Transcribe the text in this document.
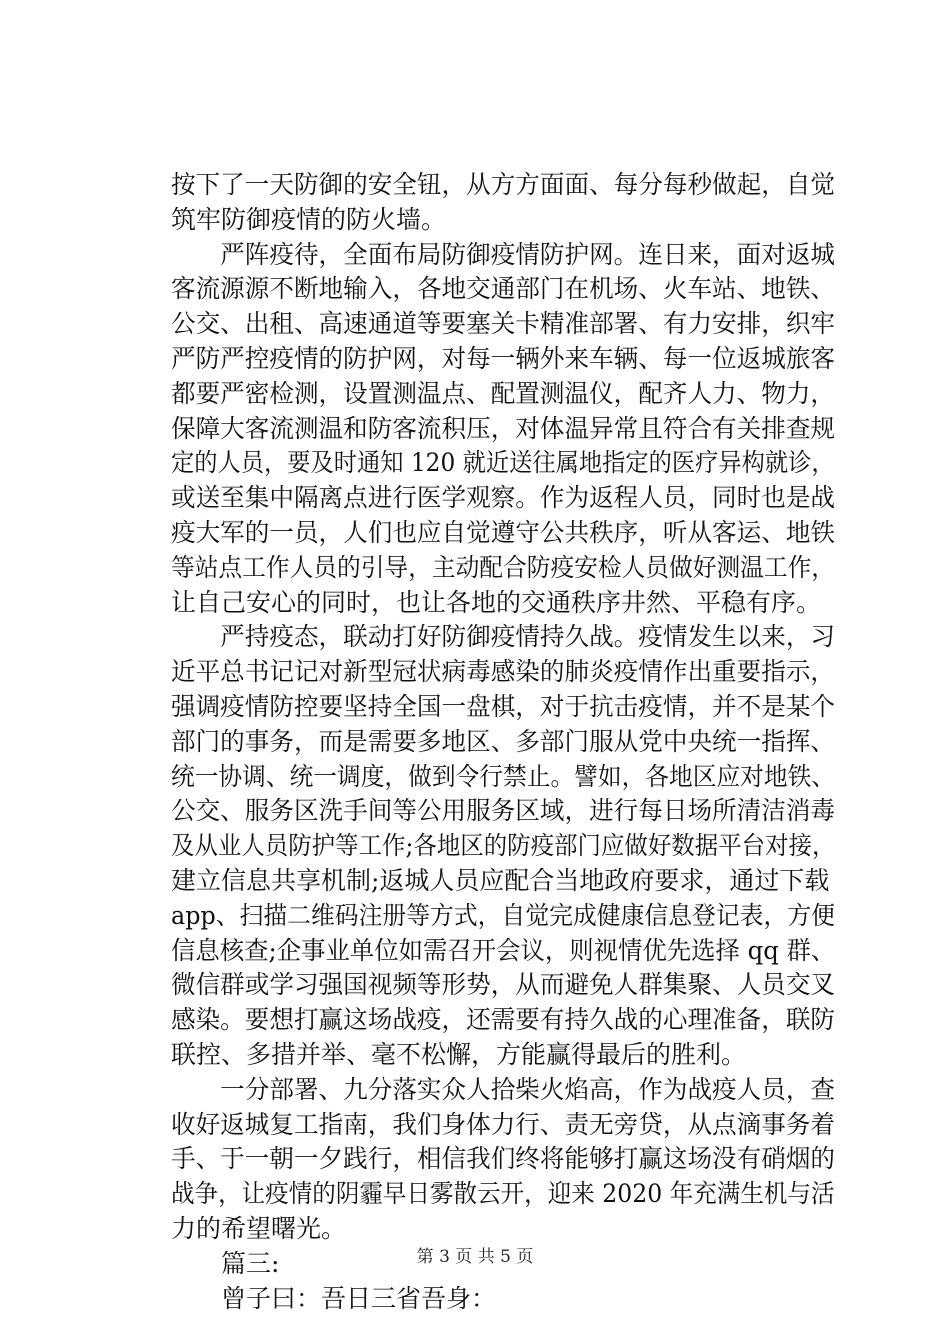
按下了一天防御的安全钮，从方方面面、每分每秒做起，自觉
筑牢防御疫情的防火墙。
严阵疫待，全面布局防御疫情防护网。连日来，面对返城
客流源源不断地输入，各地交通部门在机场、火车站、地铁、
公交、出租、高速通道等要塞关卡精准部署、有力安排，织牢
严防严控疫情的防护网，对每一辆外来车辆、每一位返城旅客
都要严密检测，设置测温点、配置测温仪，配齐人力、物力，
保障大客流测温和防客流积压，对体温异常且符合有关排查规
定的人员，要及时通知 120 就近送往属地指定的医疗异构就诊，
或送至集中隔离点进行医学观察。作为返程人员，同时也是战
疫大军的一员，人们也应自觉遵守公共秩序，听从客运、地铁
等站点工作人员的引导，主动配合防疫安检人员做好测温工作，
让自己安心的同时，也让各地的交通秩序井然、平稳有序。
严持疫态，联动打好防御疫情持久战。疫情发生以来，习
近平总书记记对新型冠状病毒感染的肺炎疫情作出重要指示，
强调疫情防控要坚持全国一盘棋，对于抗击疫情，并不是某个
部门的事务，而是需要多地区、多部门服从党中央统一指挥、
统一协调、统一调度，做到令行禁止。譬如，各地区应对地铁、
公交、服务区洗手间等公用服务区域，进行每日场所清洁消毒
及从业人员防护等工作;各地区的防疫部门应做好数据平台对接，
建立信息共享机制;返城人员应配合当地政府要求，通过下载
app、扫描二维码注册等方式，自觉完成健康信息登记表，方便
信息核查;企事业单位如需召开会议，则视情优先选择 qq 群、
微信群或学习强国视频等形势，从而避免人群集聚、人员交叉
感染。要想打赢这场战疫，还需要有持久战的心理准备，联防
联控、多措并举、毫不松懈，方能赢得最后的胜利。
一分部署、九分落实众人拾柴火焰高，作为战疫人员，查
收好返城复工指南，我们身体力行、责无旁贷，从点滴事务着
手、于一朝一夕践行，相信我们终将能够打赢这场没有硝烟的
战争，让疫情的阴霾早日雾散云开，迎来 2020 年充满生机与活
力的希望曙光。
篇三:
曾子曰：吾日三省吾身：
第 3 页 共 5 页
